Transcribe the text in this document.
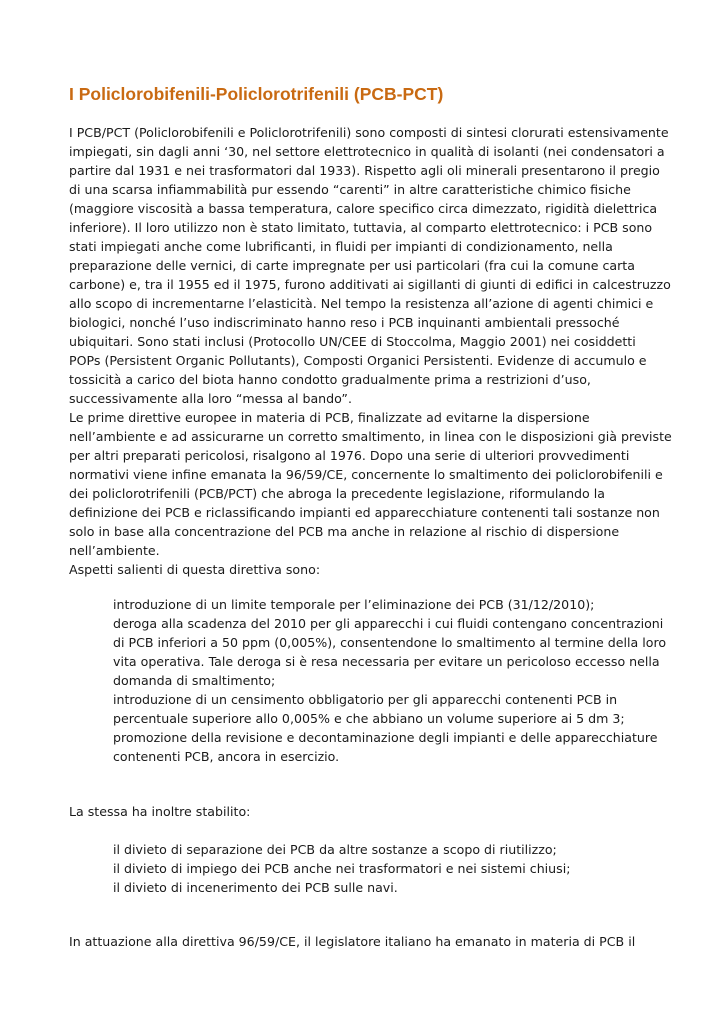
I Policlorobifenili-Policlorotrifenili (PCB-PCT)

I PCB/PCT (Policlorobifenili e Policlorotrifenili) sono composti di sintesi clorurati estensivamente
impiegati, sin dagli anni ‘30, nel settore elettrotecnico in qualità di isolanti (nei condensatori a
partire dal 1931 e nei trasformatori dal 1933). Rispetto agli oli minerali presentarono il pregio
di una scarsa infiammabilità pur essendo “carenti” in altre caratteristiche chimico fisiche
(maggiore viscosità a bassa temperatura, calore specifico circa dimezzato, rigidità dielettrica
inferiore). Il loro utilizzo non è stato limitato, tuttavia, al comparto elettrotecnico: i PCB sono
stati impiegati anche come lubrificanti, in fluidi per impianti di condizionamento, nella
preparazione delle vernici, di carte impregnate per usi particolari (fra cui la comune carta
carbone) e, tra il 1955 ed il 1975, furono additivati ai sigillanti di giunti di edifici in calcestruzzo
allo scopo di incrementarne l’elasticità. Nel tempo la resistenza all’azione di agenti chimici e
biologici, nonché l’uso indiscriminato hanno reso i PCB inquinanti ambientali pressoché
ubiquitari. Sono stati inclusi (Protocollo UN/CEE di Stoccolma, Maggio 2001) nei cosiddetti
POPs (Persistent Organic Pollutants), Composti Organici Persistenti. Evidenze di accumulo e
tossicità a carico del biota hanno condotto gradualmente prima a restrizioni d’uso,
successivamente alla loro “messa al bando”.
Le prime direttive europee in materia di PCB, finalizzate ad evitarne la dispersione
nell’ambiente e ad assicurarne un corretto smaltimento, in linea con le disposizioni già previste
per altri preparati pericolosi, risalgono al 1976. Dopo una serie di ulteriori provvedimenti
normativi viene infine emanata la 96/59/CE, concernente lo smaltimento dei policlorobifenili e
dei policlorotrifenili (PCB/PCT) che abroga la precedente legislazione, riformulando la
definizione dei PCB e riclassificando impianti ed apparecchiature contenenti tali sostanze non
solo in base alla concentrazione del PCB ma anche in relazione al rischio di dispersione
nell’ambiente.
Aspetti salienti di questa direttiva sono:

introduzione di un limite temporale per l’eliminazione dei PCB (31/12/2010);
deroga alla scadenza del 2010 per gli apparecchi i cui fluidi contengano concentrazioni
di PCB inferiori a 50 ppm (0,005%), consentendone lo smaltimento al termine della loro
vita operativa. Tale deroga si è resa necessaria per evitare un pericoloso eccesso nella
domanda di smaltimento;
introduzione di un censimento obbligatorio per gli apparecchi contenenti PCB in
percentuale superiore allo 0,005% e che abbiano un volume superiore ai 5 dm 3;
promozione della revisione e decontaminazione degli impianti e delle apparecchiature
contenenti PCB, ancora in esercizio.

La stessa ha inoltre stabilito:

il divieto di separazione dei PCB da altre sostanze a scopo di riutilizzo;
il divieto di impiego dei PCB anche nei trasformatori e nei sistemi chiusi;
il divieto di incenerimento dei PCB sulle navi.

In attuazione alla direttiva 96/59/CE, il legislatore italiano ha emanato in materia di PCB il
